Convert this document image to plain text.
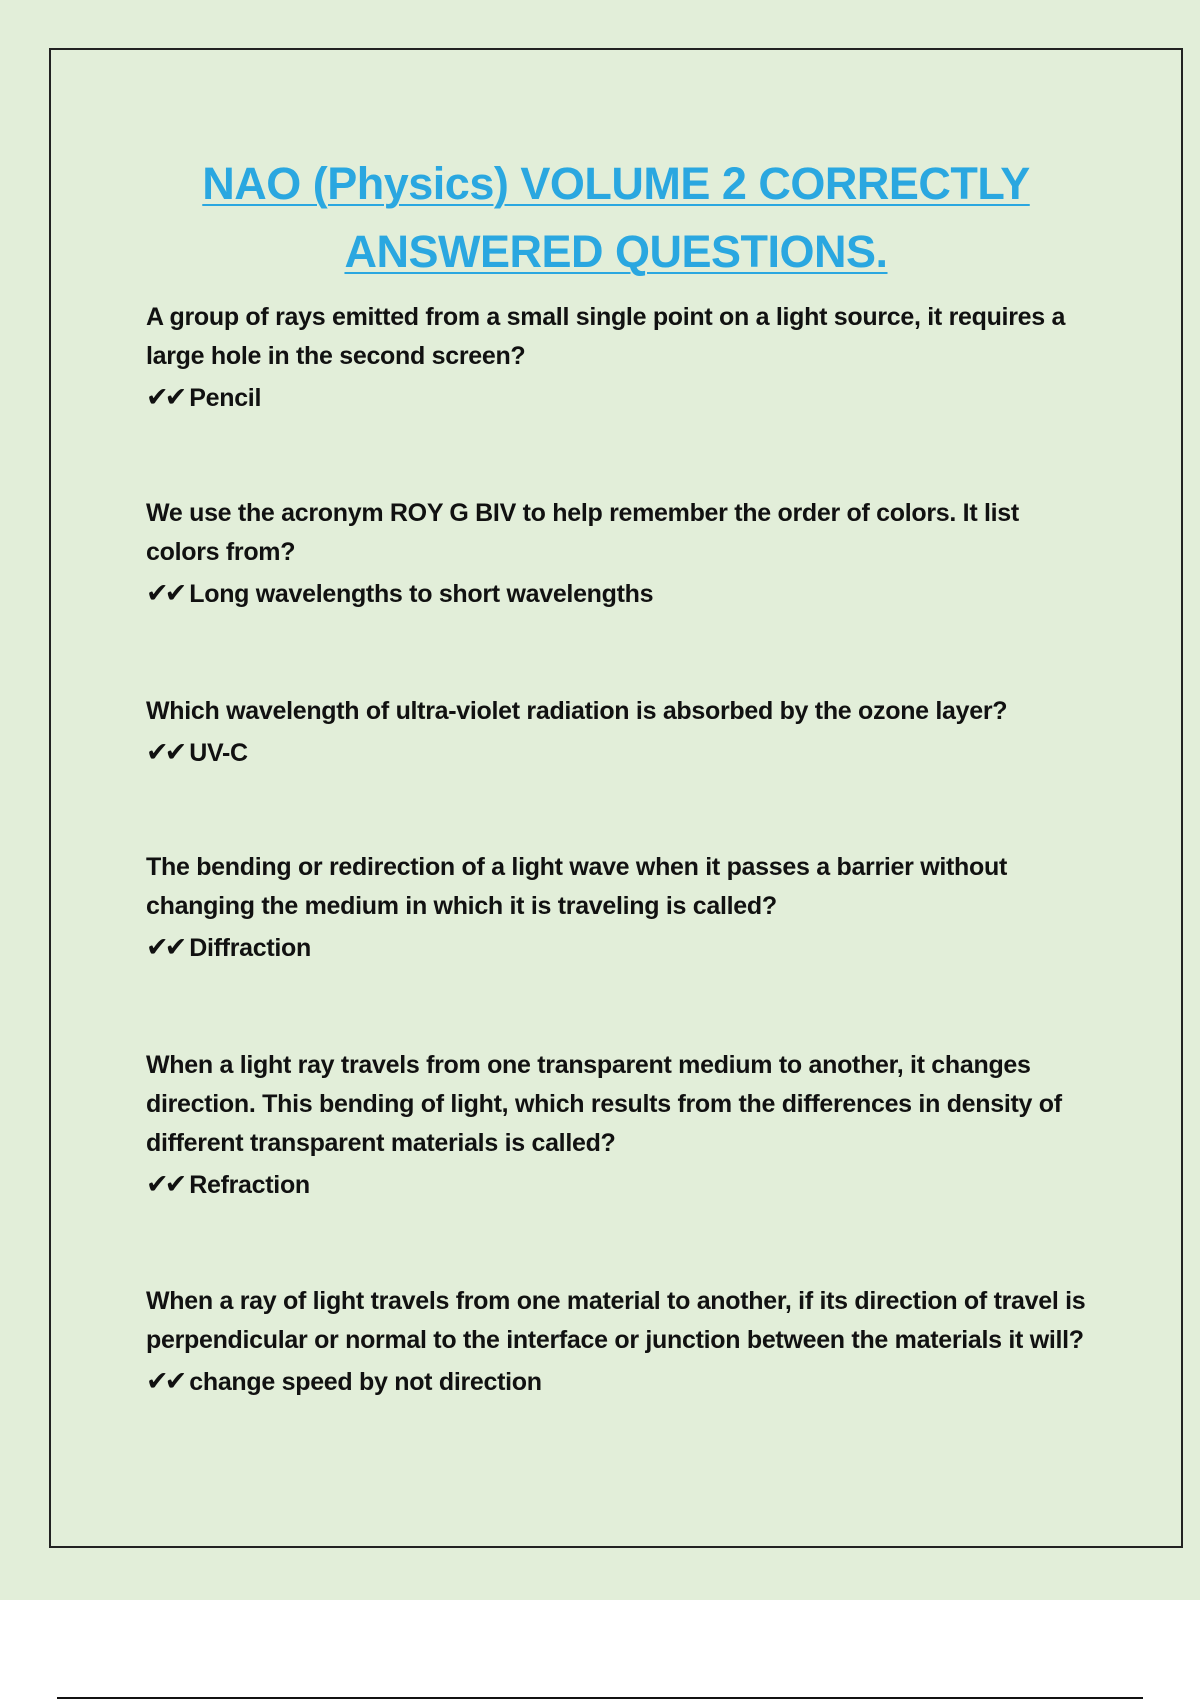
NAO (Physics) VOLUME 2 CORRECTLY ANSWERED QUESTIONS.
A group of rays emitted from a small single point on a light source, it requires a large hole in the second screen?
✔✔ Pencil
We use the acronym ROY G BIV to help remember the order of colors. It list colors from?
✔✔ Long wavelengths to short wavelengths
Which wavelength of ultra-violet radiation is absorbed by the ozone layer?
✔✔ UV-C
The bending or redirection of a light wave when it passes a barrier without changing the medium in which it is traveling is called?
✔✔ Diffraction
When a light ray travels from one transparent medium to another, it changes direction. This bending of light, which results from the differences in density of different transparent materials is called?
✔✔ Refraction
When a ray of light travels from one material to another, if its direction of travel is perpendicular or normal to the interface or junction between the materials it will?
✔✔ change speed by not direction
